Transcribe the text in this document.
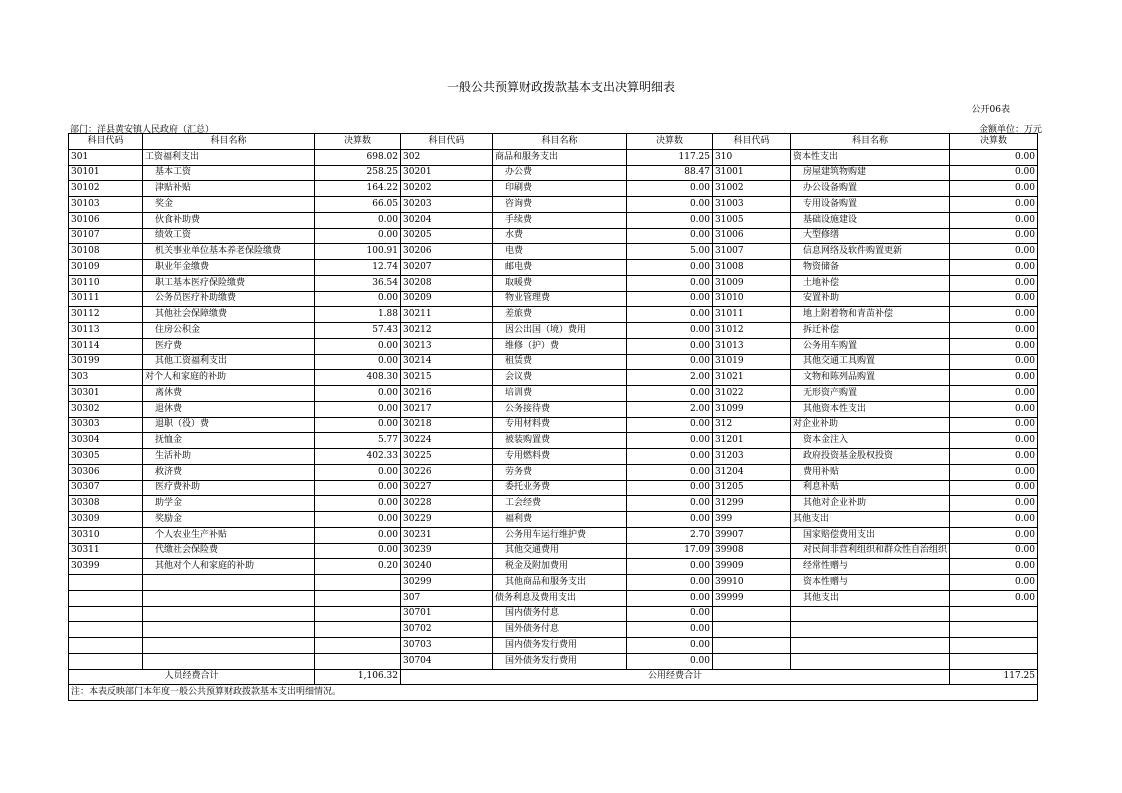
一般公共预算财政拨款基本支出决算明细表
公开06表
部门：洋县黄安镇人民政府（汇总）	金额单位：万元
科目代码	科目名称	决算数	科目代码	科目名称	决算数	科目代码	科目名称	决算数
301	工资福利支出	698.02	302	商品和服务支出	117.25	310	资本性支出	0.00
30101	基本工资	258.25	30201	办公费	88.47	31001	房屋建筑物购建	0.00
30102	津贴补贴	164.22	30202	印刷费	0.00	31002	办公设备购置	0.00
30103	奖金	66.05	30203	咨询费	0.00	31003	专用设备购置	0.00
30106	伙食补助费	0.00	30204	手续费	0.00	31005	基础设施建设	0.00
30107	绩效工资	0.00	30205	水费	0.00	31006	大型修缮	0.00
30108	机关事业单位基本养老保险缴费	100.91	30206	电费	5.00	31007	信息网络及软件购置更新	0.00
30109	职业年金缴费	12.74	30207	邮电费	0.00	31008	物资储备	0.00
30110	职工基本医疗保险缴费	36.54	30208	取暖费	0.00	31009	土地补偿	0.00
30111	公务员医疗补助缴费	0.00	30209	物业管理费	0.00	31010	安置补助	0.00
30112	其他社会保障缴费	1.88	30211	差旅费	0.00	31011	地上附着物和青苗补偿	0.00
30113	住房公积金	57.43	30212	因公出国（境）费用	0.00	31012	拆迁补偿	0.00
30114	医疗费	0.00	30213	维修（护）费	0.00	31013	公务用车购置	0.00
30199	其他工资福利支出	0.00	30214	租赁费	0.00	31019	其他交通工具购置	0.00
303	对个人和家庭的补助	408.30	30215	会议费	2.00	31021	文物和陈列品购置	0.00
30301	离休费	0.00	30216	培训费	0.00	31022	无形资产购置	0.00
30302	退休费	0.00	30217	公务接待费	2.00	31099	其他资本性支出	0.00
30303	退职（役）费	0.00	30218	专用材料费	0.00	312	对企业补助	0.00
30304	抚恤金	5.77	30224	被装购置费	0.00	31201	资本金注入	0.00
30305	生活补助	402.33	30225	专用燃料费	0.00	31203	政府投资基金股权投资	0.00
30306	救济费	0.00	30226	劳务费	0.00	31204	费用补贴	0.00
30307	医疗费补助	0.00	30227	委托业务费	0.00	31205	利息补贴	0.00
30308	助学金	0.00	30228	工会经费	0.00	31299	其他对企业补助	0.00
30309	奖励金	0.00	30229	福利费	0.00	399	其他支出	0.00
30310	个人农业生产补贴	0.00	30231	公务用车运行维护费	2.70	39907	国家赔偿费用支出	0.00
30311	代缴社会保险费	0.00	30239	其他交通费用	17.09	39908	对民间非营利组织和群众性自治组织	0.00
30399	其他对个人和家庭的补助	0.20	30240	税金及附加费用	0.00	39909	经常性赠与	0.00
			30299	其他商品和服务支出	0.00	39910	资本性赠与	0.00
			307	债务利息及费用支出	0.00	39999	其他支出	0.00
			30701	国内债务付息	0.00			
			30702	国外债务付息	0.00			
			30703	国内债务发行费用	0.00			
			30704	国外债务发行费用	0.00			
人员经费合计		1,106.32	公用经费合计					117.25
注：本表反映部门本年度一般公共预算财政拨款基本支出明细情况。								
